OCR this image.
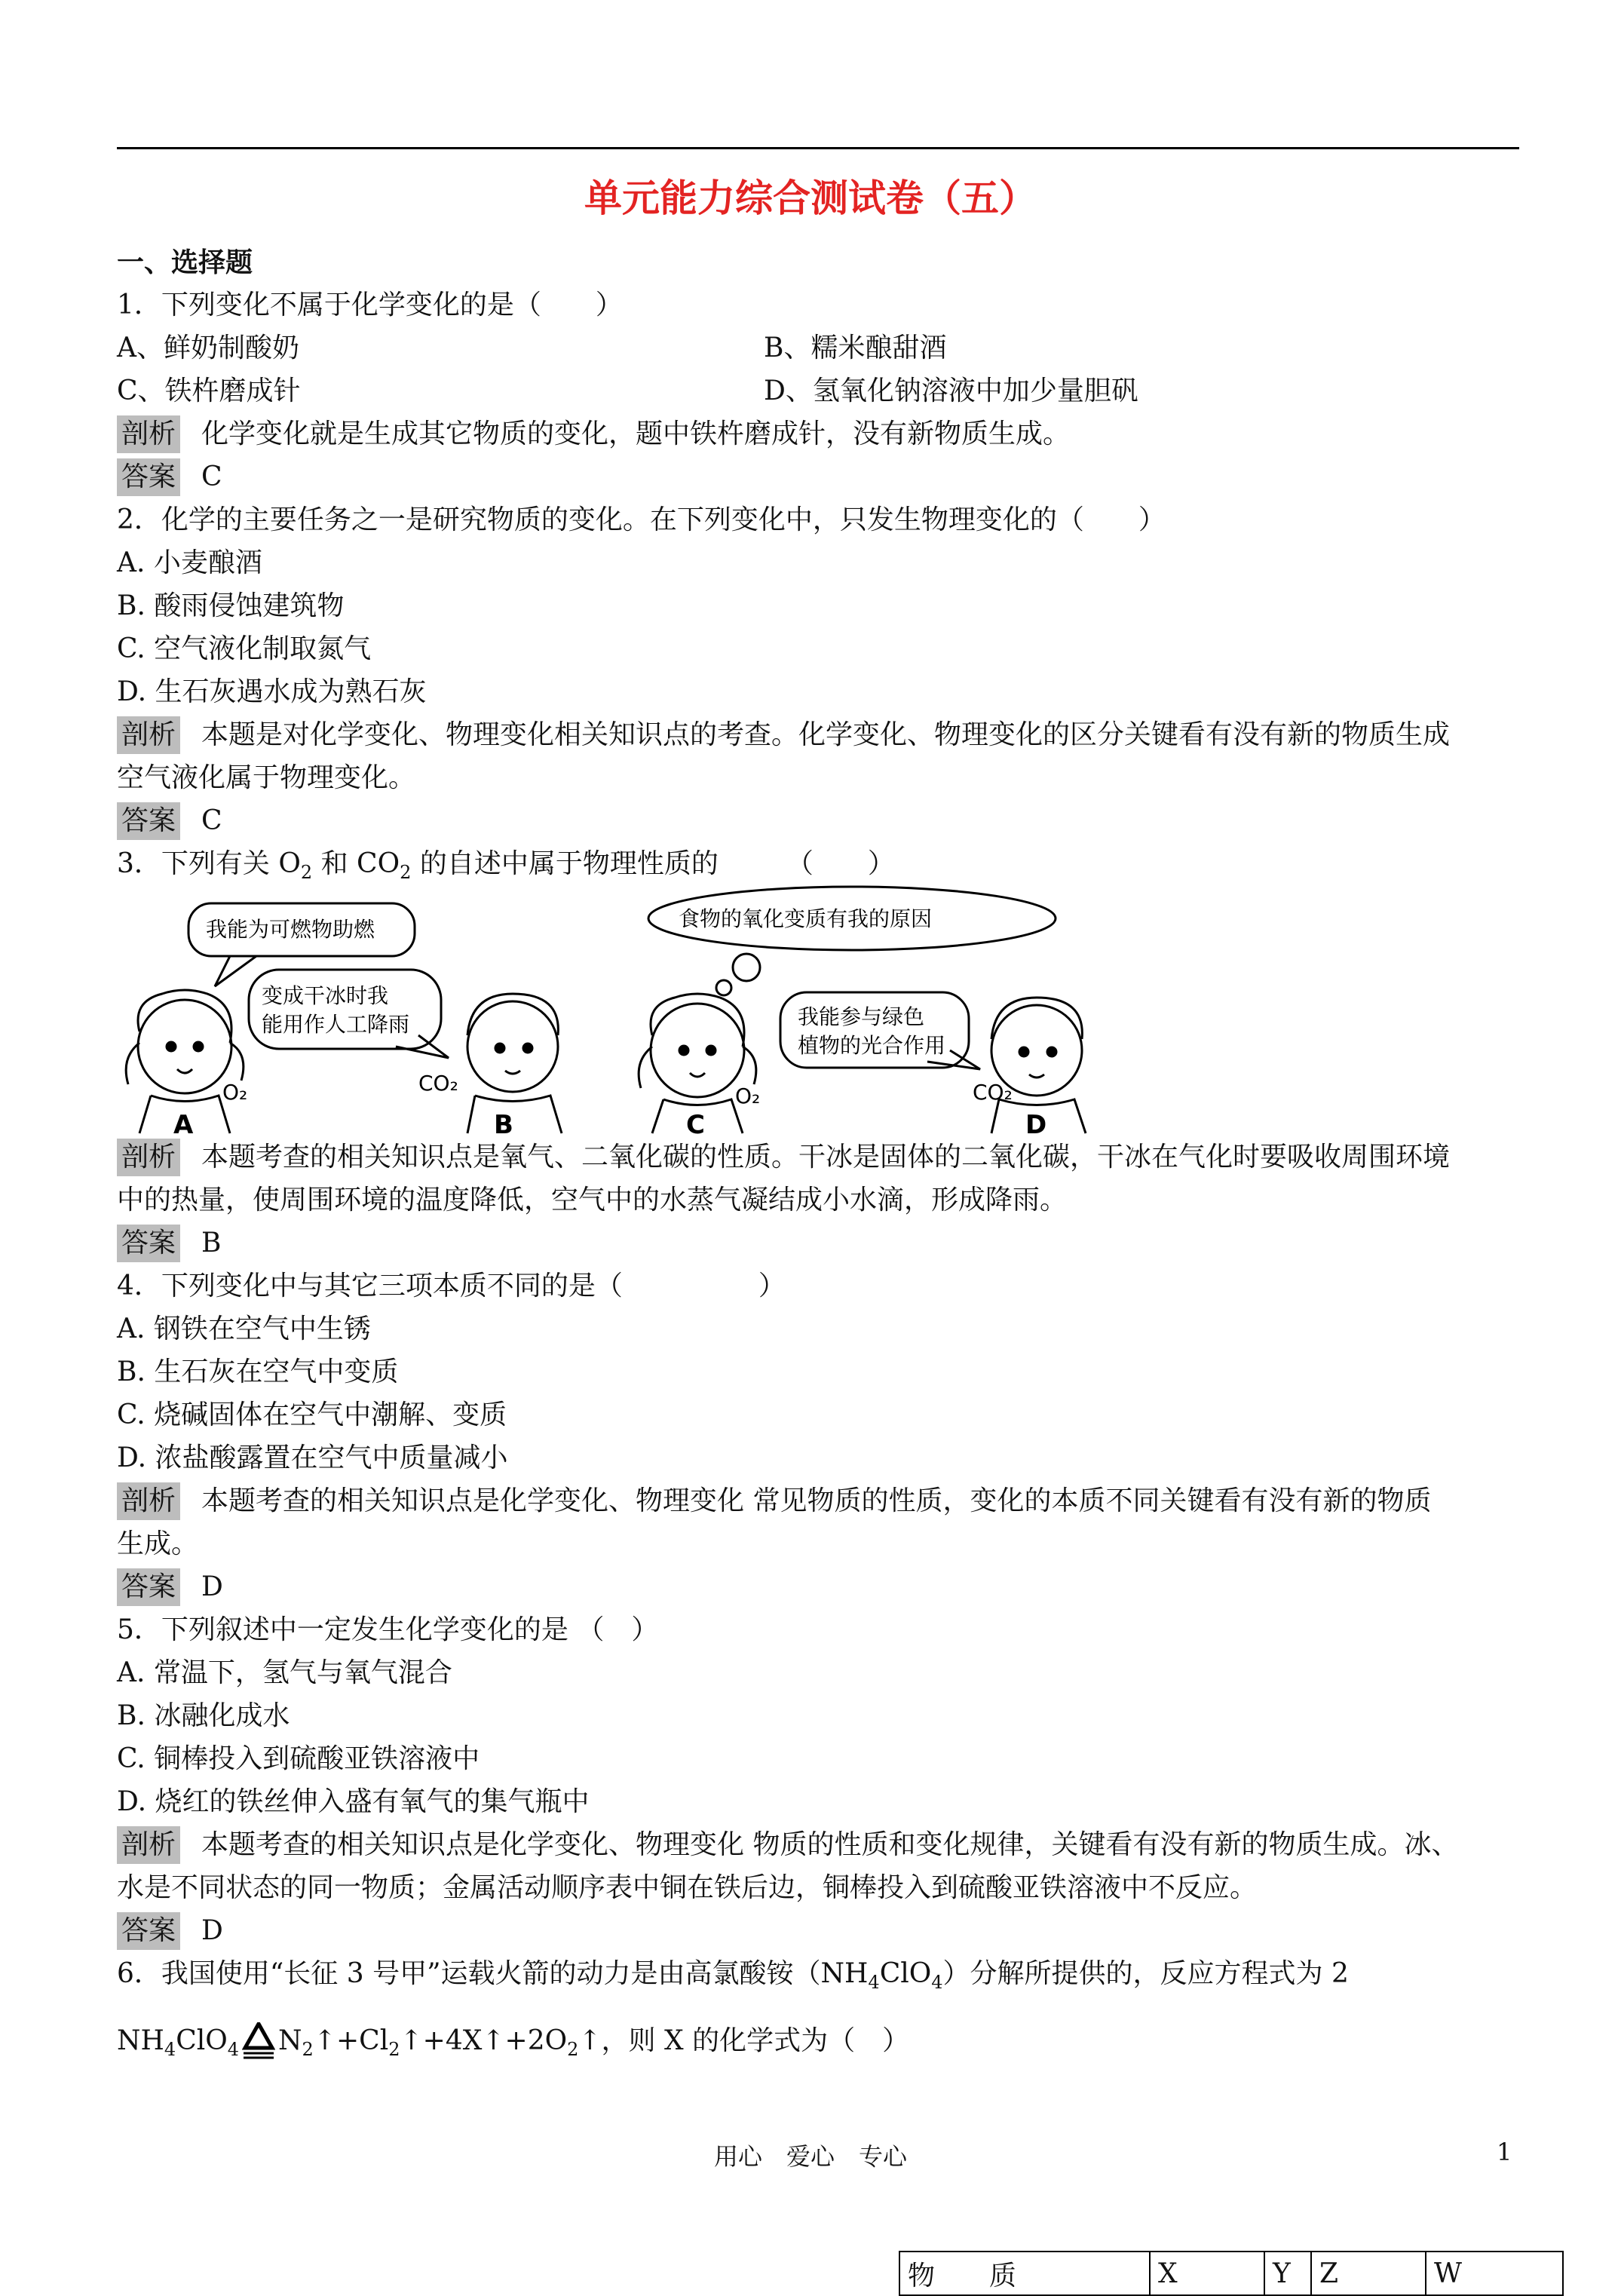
单元能力综合测试卷（五）
一、选择题
1．下列变化不属于化学变化的是（　　）
A、鲜奶制酸奶	B、糯米酿甜酒
C、铁杵磨成针	D、氢氧化钠溶液中加少量胆矾
剖析 化学变化就是生成其它物质的变化，题中铁杵磨成针，没有新物质生成。
答案 C
2．化学的主要任务之一是研究物质的变化。在下列变化中，只发生物理变化的（　　）
A. 小麦酿酒
B. 酸雨侵蚀建筑物
C. 空气液化制取氮气
D. 生石灰遇水成为熟石灰
剖析 本题是对化学变化、物理变化相关知识点的考查。化学变化、物理变化的区分关键看有没有新的物质生成
空气液化属于物理变化。
答案 C
3．下列有关 $O_2$ 和 $CO_2$ 的自述中属于物理性质的　　　（　　）
我能为可燃物助燃
变成干冰时我
能用作人工降雨
O₂	CO₂
A	B
食物的氧化变质有我的原因
我能参与绿色
植物的光合作用
O₂	CO₂
C	D
剖析 本题考查的相关知识点是氧气、二氧化碳的性质。干冰是固体的二氧化碳，干冰在气化时要吸收周围环境
中的热量，使周围环境的温度降低，空气中的水蒸气凝结成小水滴，形成降雨。
答案 B
4．下列变化中与其它三项本质不同的是（　　　　　）
A. 钢铁在空气中生锈
B. 生石灰在空气中变质
C. 烧碱固体在空气中潮解、变质
D. 浓盐酸露置在空气中质量减小
剖析 本题考查的相关知识点是化学变化、物理变化 常见物质的性质，变化的本质不同关键看有没有新的物质
生成。
答案 D
5．下列叙述中一定发生化学变化的是 （　）
A. 常温下，氢气与氧气混合
B. 冰融化成水
C. 铜棒投入到硫酸亚铁溶液中
D. 烧红的铁丝伸入盛有氧气的集气瓶中
剖析 本题考查的相关知识点是化学变化、物理变化 物质的性质和变化规律，关键看有没有新的物质生成。冰、
水是不同状态的同一物质；金属活动顺序表中铜在铁后边，铜棒投入到硫酸亚铁溶液中不反应。
答案 D
6．我国使用“长征 3 号甲”运载火箭的动力是由高氯酸铵$(NH_4ClO_4)$分解所提供的，反应方程式为 2
$NH_4ClO_4$ $N_2↑+Cl_2↑+4X↑+2O_2↑$，则 X 的化学式为（　）
用心　爱心　专心	1
物　　质	X	Y	Z	W
